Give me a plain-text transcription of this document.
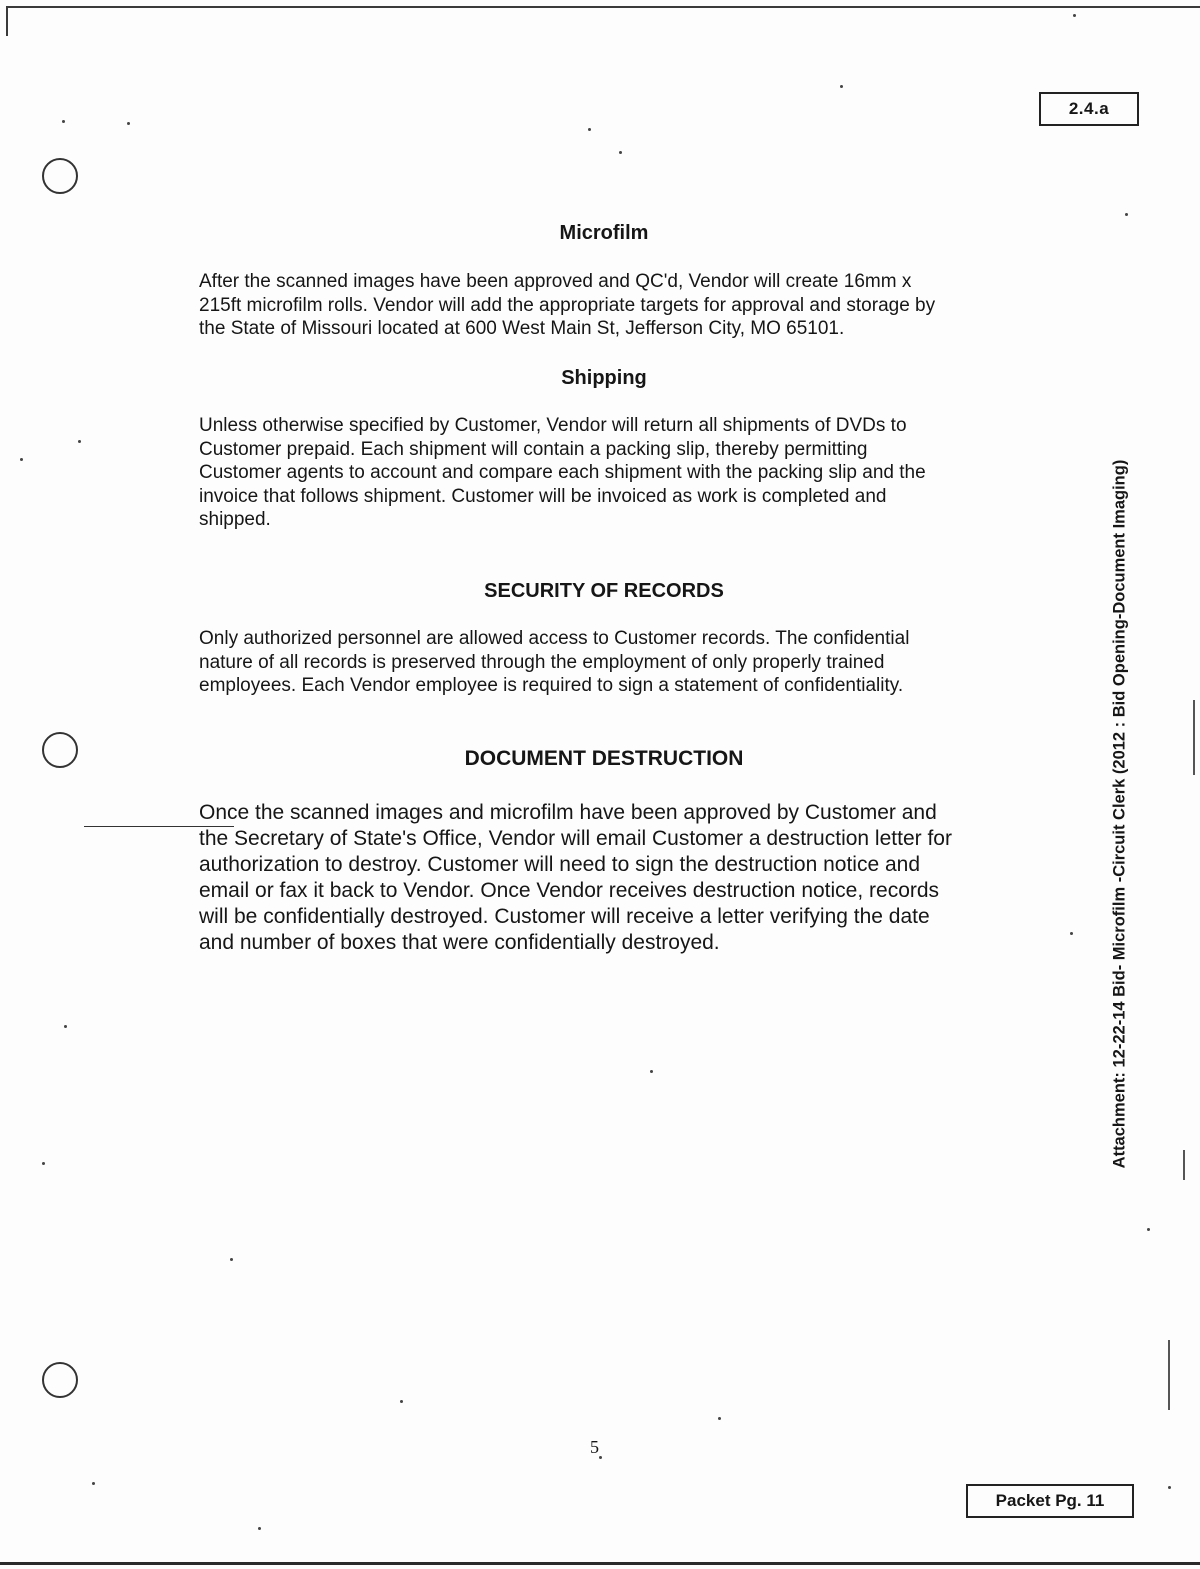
2.4.a
Microfilm

After the scanned images have been approved and QC'd, Vendor will create 16mm x
215ft microfilm rolls. Vendor will add the appropriate targets for approval and storage by
the State of Missouri located at 600 West Main St, Jefferson City, MO 65101.

Shipping

Unless otherwise specified by Customer, Vendor will return all shipments of DVDs to
Customer prepaid. Each shipment will contain a packing slip, thereby permitting
Customer agents to account and compare each shipment with the packing slip and the
invoice that follows shipment. Customer will be invoiced as work is completed and
shipped.

SECURITY OF RECORDS

Only authorized personnel are allowed access to Customer records. The confidential
nature of all records is preserved through the employment of only properly trained
employees. Each Vendor employee is required to sign a statement of confidentiality.

DOCUMENT DESTRUCTION

Once the scanned images and microfilm have been approved by Customer and
the Secretary of State's Office, Vendor will email Customer a destruction letter for
authorization to destroy. Customer will need to sign the destruction notice and
email or fax it back to Vendor. Once Vendor receives destruction notice, records
will be confidentially destroyed. Customer will receive a letter verifying the date
and number of boxes that were confidentially destroyed.	Attachment: 12-22-14 Bid- Microfilm -Circuit Clerk (2012 : Bid Opening-Document Imaging)
5
Packet Pg. 11
